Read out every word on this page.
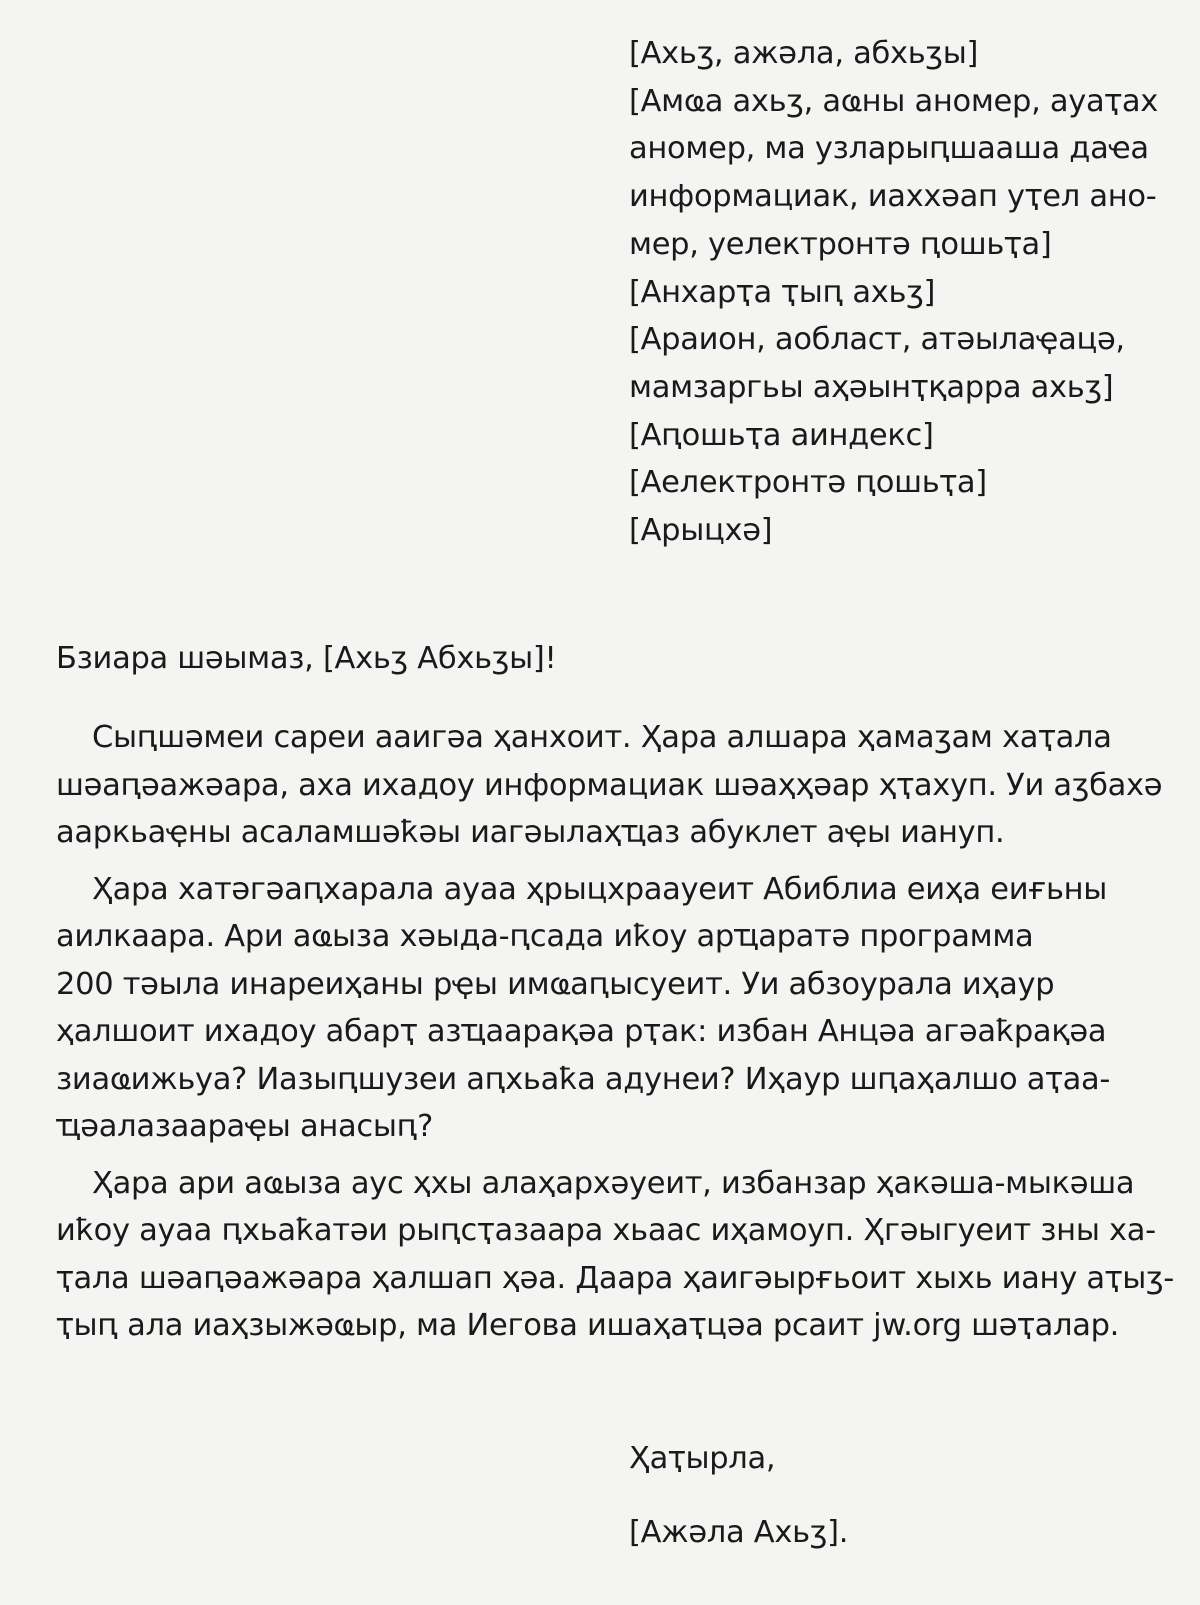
[Ахьӡ, ажәла, абхьӡы]
[Амҩа ахьӡ, аҩны аномер, ауаҭах
аномер, ма узларыԥшааша даҽа
информациак, иаххәап уҭел ано-
мер, уелектронтә ԥошьҭа]
[Анхарҭа ҭыԥ ахьӡ]
[Араион, аобласт, атәылаҿацә,
мамзаргьы аҳәынҭқарра ахьӡ]
[Аԥошьҭа аиндекс]
[Аелектронтә ԥошьҭа]
[Арыцхә]
Бзиара шәымаз, [Ахьӡ Абхьӡы]!
Сыԥшәмеи сареи ааигәа ҳанхоит. Ҳара алшара ҳамаӡам хаҭала
шәаԥәажәара, аха ихадоу информациак шәаҳҳәар ҳҭахуп. Уи аӡбахә
ааркьаҿны асаламшәҟәы иагәылаҳҵаз абуклет аҿы иануп.
Ҳара хатәгәаԥхарала ауаа ҳрыцхраауеит Абиблиа еиҳа еиғьны
аилкаара. Ари аҩыза хәыда-ԥсада иҟоу арҵаратә программа
200 тәыла инареиҳаны рҿы имҩаԥысуеит. Уи абзоурала иҳаур
ҳалшоит ихадоу абарҭ азҵаарақәа рҭак: избан Анцәа агәаҟрақәа
зиаҩижьуа? Иазыԥшузеи аԥхьаҟа адунеи? Иҳаур шԥаҳалшо аҭаа-
ҵәалазаараҿы анасыԥ?
Ҳара ари аҩыза аус ҳхы алаҳархәуеит, избанзар ҳакәша-мыкәша
иҟоу ауаа ԥхьаҟатәи рыԥсҭазаара хьаас иҳамоуп. Ҳгәыгуеит зны ха-
ҭала шәаԥәажәара ҳалшап ҳәа. Даара ҳаигәырғьоит хыхь иану аҭыӡ-
ҭыԥ ала иаҳзыжәҩыр, ма Иегова ишаҳаҭцәа рсаит jw.org шәҭалар.
Ҳаҭырла,
[Ажәла Ахьӡ].
